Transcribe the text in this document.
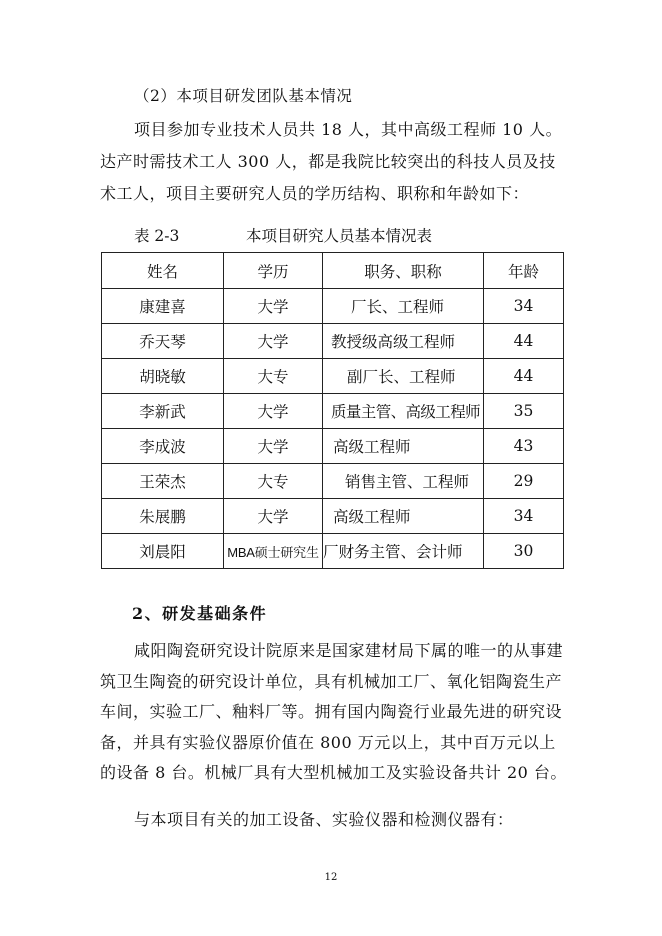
（2）本项目研发团队基本情况

项目参加专业技术人员共 18 人，其中高级工程师 10 人。达产时需技术工人 300 人，都是我院比较突出的科技人员及技术工人，项目主要研究人员的学历结构、职称和年龄如下：

表 2-3	本项目研究人员基本情况表
姓名	学历	职务、职称	年龄
康建喜	大学	厂长、工程师	34
乔天琴	大学	教授级高级工程师	44
胡晓敏	大专	副厂长、工程师	44
李新武	大学	质量主管、高级工程师	35
李成波	大学	高级工程师	43
王荣杰	大专	销售主管、工程师	29
朱展鹏	大学	高级工程师	34
刘晨阳	MBA硕士研究生	厂财务主管、会计师	30
2、研发基础条件

咸阳陶瓷研究设计院原来是国家建材局下属的唯一的从事建筑卫生陶瓷的研究设计单位，具有机械加工厂、氧化铝陶瓷生产车间，实验工厂、釉料厂等。拥有国内陶瓷行业最先进的研究设备，并具有实验仪器原价值在 800 万元以上，其中百万元以上的设备 8 台。机械厂具有大型机械加工及实验设备共计 20 台。

与本项目有关的加工设备、实验仪器和检测仪器有：

12
